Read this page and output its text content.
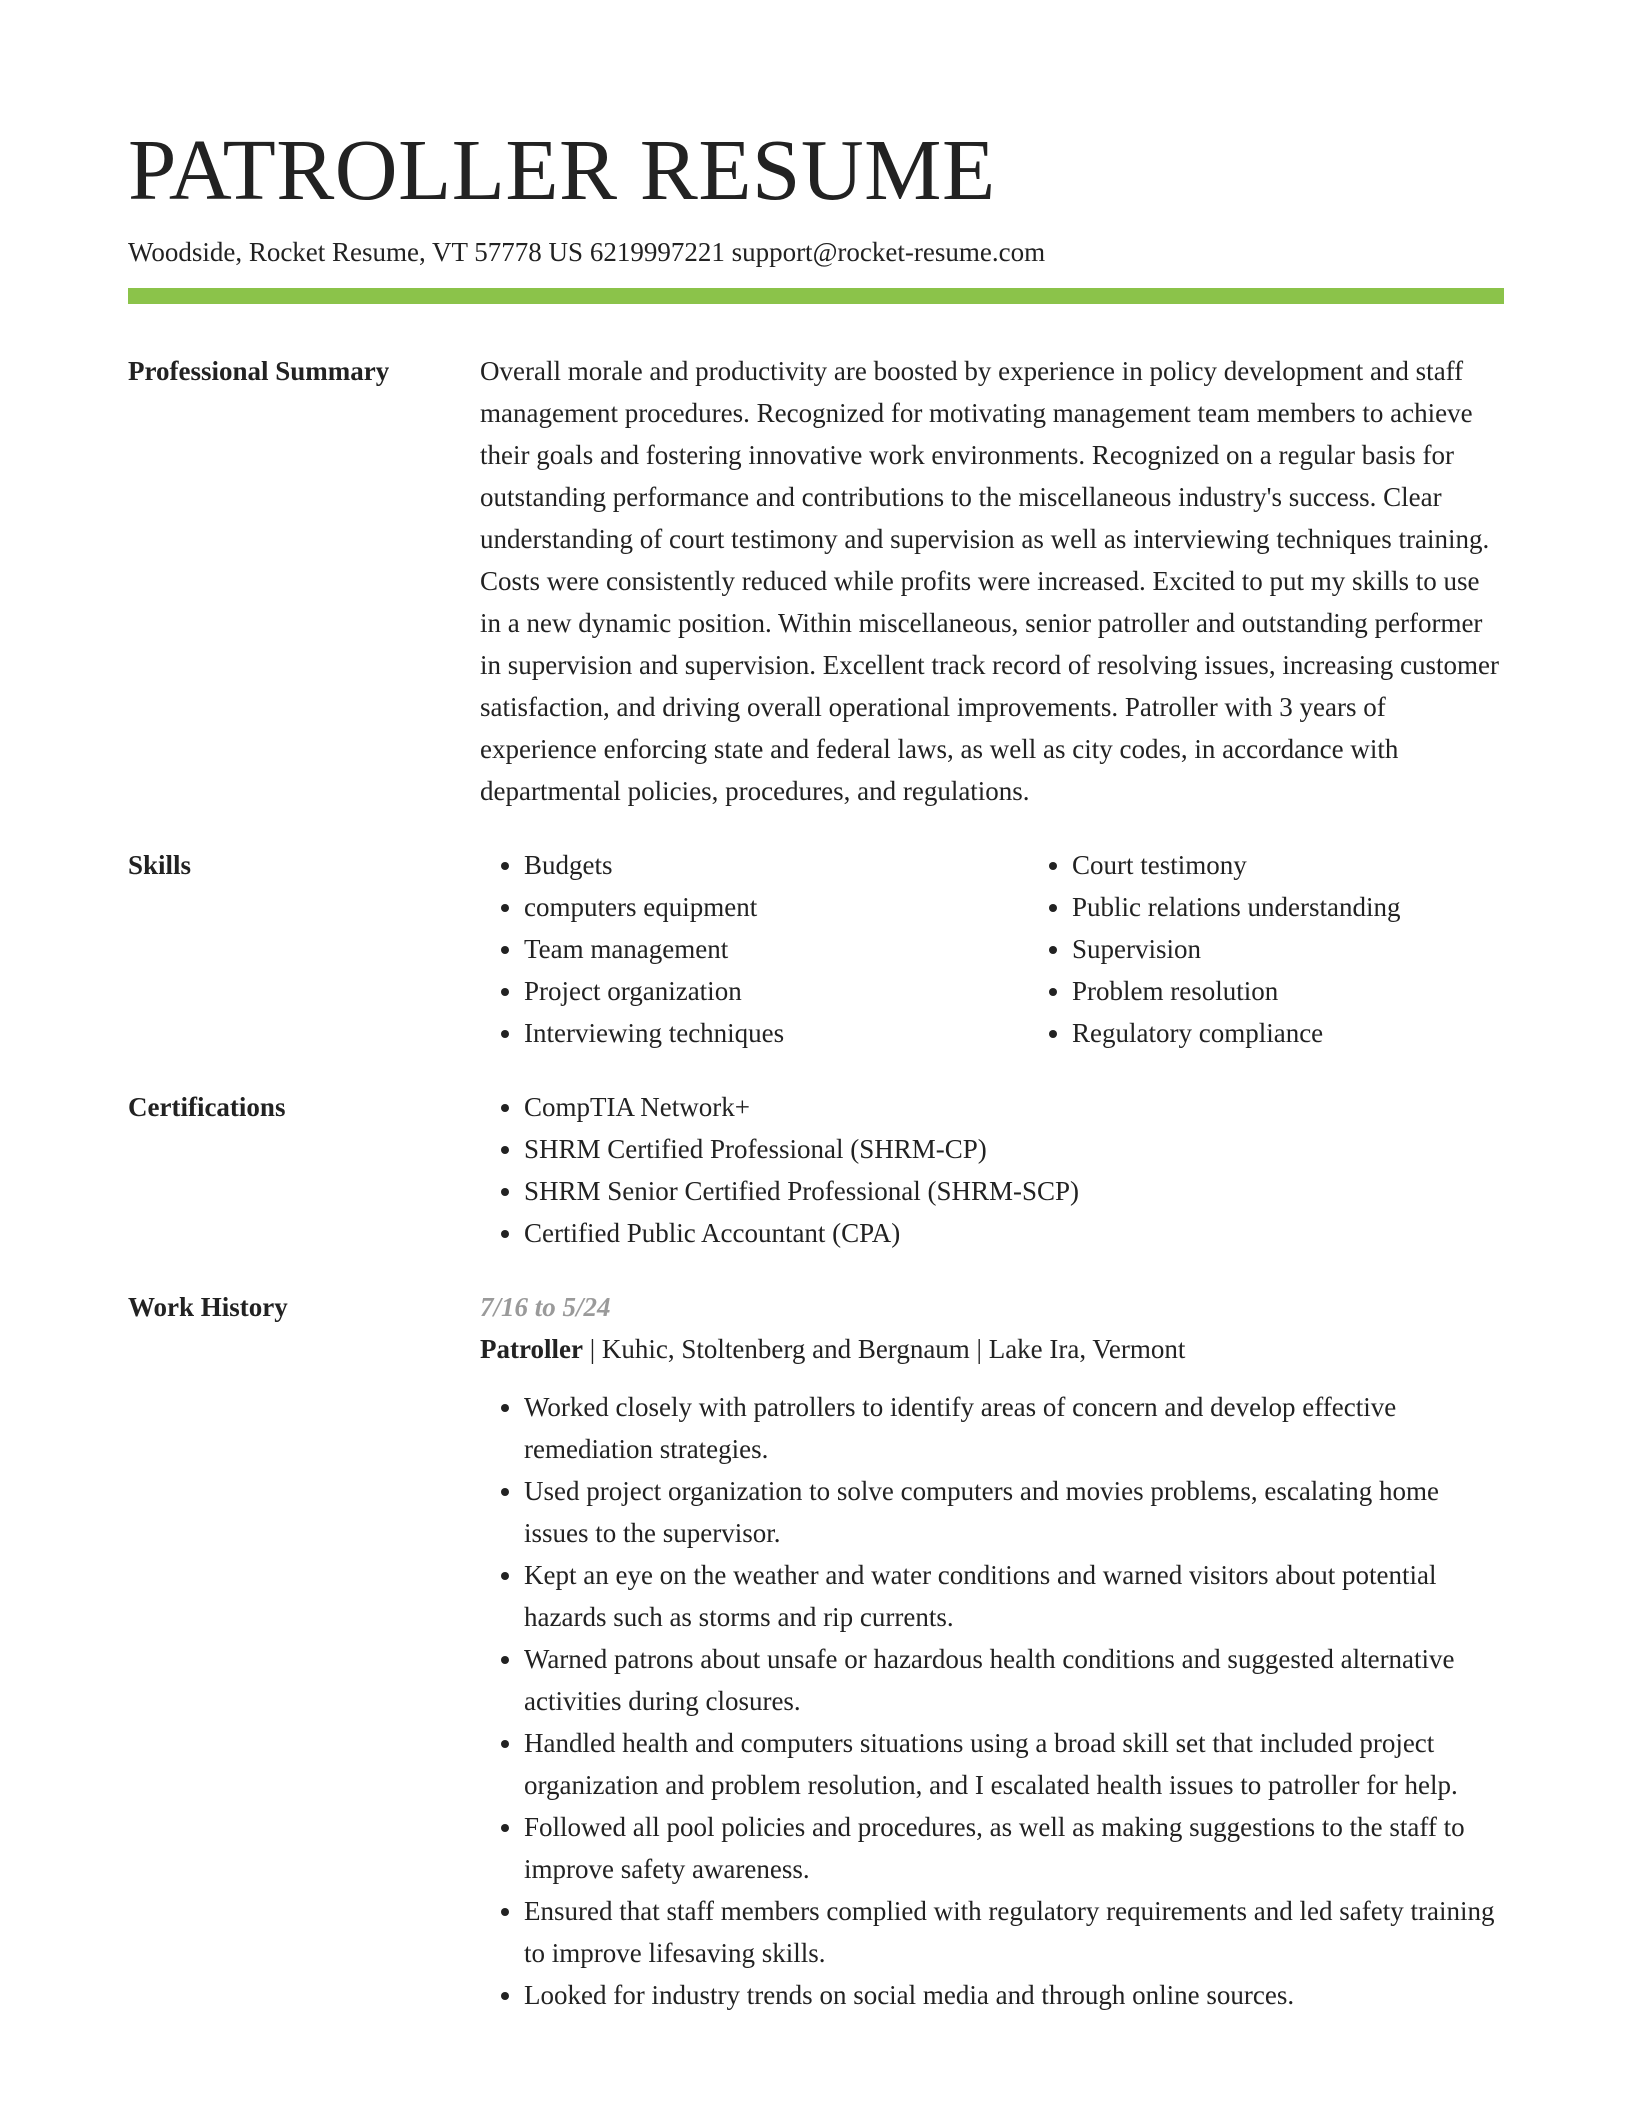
PATROLLER RESUME
Woodside, Rocket Resume, VT 57778 US 6219997221 support@rocket-resume.com
Professional Summary	Overall morale and productivity are boosted by experience in policy development and staff management procedures. Recognized for motivating management team members to achieve their goals and fostering innovative work environments. Recognized on a regular basis for outstanding performance and contributions to the miscellaneous industry's success. Clear understanding of court testimony and supervision as well as interviewing techniques training. Costs were consistently reduced while profits were increased. Excited to put my skills to use in a new dynamic position. Within miscellaneous, senior patroller and outstanding performer in supervision and supervision. Excellent track record of resolving issues, increasing customer satisfaction, and driving overall operational improvements. Patroller with 3 years of experience enforcing state and federal laws, as well as city codes, in accordance with departmental policies, procedures, and regulations.

Skills	• Budgets
• computers equipment
• Team management
• Project organization
• Interviewing techniques
• Court testimony
• Public relations understanding
• Supervision
• Problem resolution
• Regulatory compliance
Certifications	• CompTIA Network+
• SHRM Certified Professional (SHRM-CP)
• SHRM Senior Certified Professional (SHRM-SCP)
• Certified Public Accountant (CPA)
Work History	7/16 to 5/24
Patroller | Kuhic, Stoltenberg and Bergnaum | Lake Ira, Vermont
• Worked closely with patrollers to identify areas of concern and develop effective remediation strategies.
• Used project organization to solve computers and movies problems, escalating home issues to the supervisor.
• Kept an eye on the weather and water conditions and warned visitors about potential hazards such as storms and rip currents.
• Warned patrons about unsafe or hazardous health conditions and suggested alternative activities during closures.
• Handled health and computers situations using a broad skill set that included project organization and problem resolution, and I escalated health issues to patroller for help.
• Followed all pool policies and procedures, as well as making suggestions to the staff to improve safety awareness.
• Ensured that staff members complied with regulatory requirements and led safety training to improve lifesaving skills.
• Looked for industry trends on social media and through online sources.
